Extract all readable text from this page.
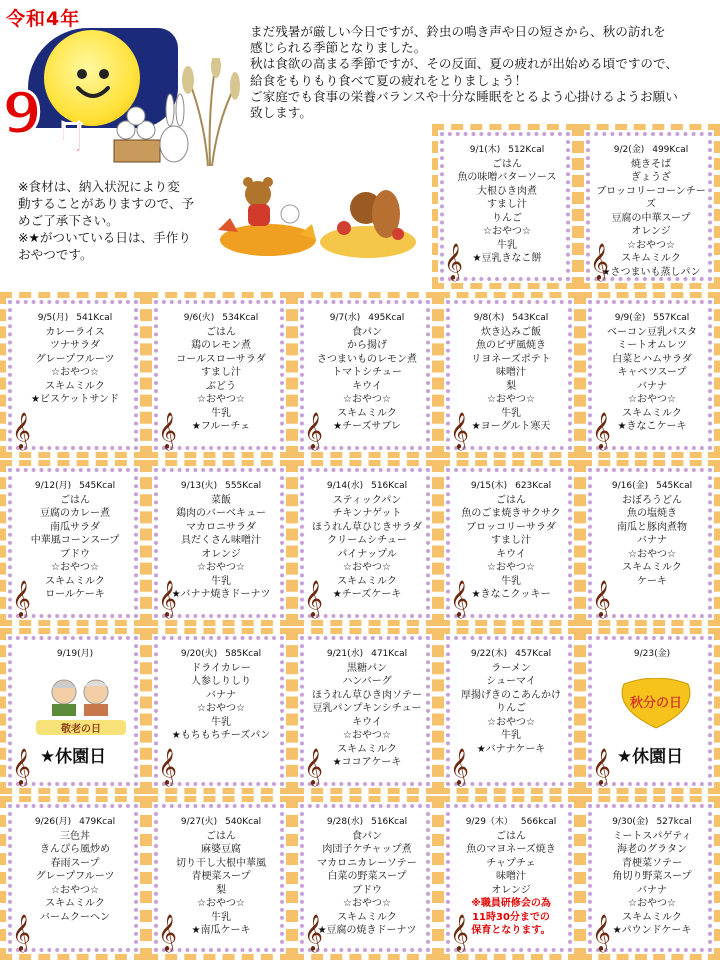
令和4年
9 月
まだ残暑が厳しい今日ですが、鈴虫の鳴き声や日の短さから、秋の訪れを
感じられる季節となりました。
秋は食欲の高まる季節ですが、その反面、夏の疲れが出始める頃ですので、
給食をもりもり食べて夏の疲れをとりましょう！
ご家庭でも食事の栄養バランスや十分な睡眠をとるよう心掛けるようお願い
致します。
※食材は、納入状況により変
動することがありますので、予
めご了承下さい。
※★がついている日は、手作り
おやつです。
9/1(木) 512Kcal
ごはん
魚の味噌バターソース
大根ひき肉煮
すまし汁
りんご
☆おやつ☆
牛乳
★豆乳きなこ餅
𝄞
9/2(金) 499Kcal
焼きそば
ぎょうざ
ブロッコリーコーンチーズ
豆腐の中華スープ
オレンジ
☆おやつ☆
スキムミルク
★さつまいも蒸しパン
𝄞
9/5(月) 541Kcal
カレーライス
ツナサラダ
グレープフルーツ
☆おやつ☆
スキムミルク
★ビスケットサンド
𝄞
9/6(火) 534Kcal
ごはん
鶏のレモン煮
コールスローサラダ
すまし汁
ぶどう
☆おやつ☆
牛乳
★フルーチェ
𝄞
9/7(水) 495Kcal
食パン
から揚げ
さつまいものレモン煮
トマトシチュー
キウイ
☆おやつ☆
スキムミルク
★チーズサブレ
𝄞
9/8(木) 543Kcal
炊き込みご飯
魚のピザ風焼き
リヨネーズポテト
味噌汁
梨
☆おやつ☆
牛乳
★ヨーグルト寒天
𝄞
9/9(金) 557Kcal
ベーコン豆乳パスタ
ミートオムレツ
白菜とハムサラダ
キャベツスープ
バナナ
☆おやつ☆
スキムミルク
★きなこケーキ
𝄞
9/12(月) 545Kcal
ごはん
豆腐のカレー煮
南瓜サラダ
中華風コーンスープ
ブドウ
☆おやつ☆
スキムミルク
ロールケーキ
𝄞
9/13(火) 555Kcal
菜飯
鶏肉のバーベキュー
マカロニサラダ
具だくさん味噌汁
オレンジ
☆おやつ☆
牛乳
★バナナ焼きドーナツ
𝄞
9/14(水) 516Kcal
スティックパン
チキンナゲット
ほうれん草ひじきサラダ
クリームシチュー
パイナップル
☆おやつ☆
スキムミルク
★チーズケーキ
𝄞
9/15(木) 623Kcal
ごはん
魚のごま焼きサクサク
ブロッコリーサラダ
すまし汁
キウイ
☆おやつ☆
牛乳
★きなこクッキー
𝄞
9/16(金) 545Kcal
おぼろうどん
魚の塩焼き
南瓜と豚肉煮物
バナナ
☆おやつ☆
スキムミルク
ケーキ
𝄞
9/19(月)
敬老の日
★休園日
𝄞
9/20(火) 585Kcal
ドライカレー
人参しりしり
バナナ
☆おやつ☆
牛乳
★もちもちチーズパン
𝄞
9/21(水) 471Kcal
黒糖パン
ハンバーグ
ほうれん草ひき肉ソテー
豆乳パンプキンシチュー
キウイ
☆おやつ☆
スキムミルク
★ココアケーキ
𝄞
9/22(木) 457Kcal
ラーメン
シューマイ
厚揚げきのこあんかけ
りんご
☆おやつ☆
牛乳
★バナナケーキ
𝄞
9/23(金)
秋分の日
★休園日
𝄞
9/26(月) 479Kcal
三色丼
きんぴら風炒め
春雨スープ
グレープフルーツ
☆おやつ☆
スキムミルク
バームクーヘン
𝄞
9/27(火) 540Kcal
ごはん
麻婆豆腐
切り干し大根中華風
青梗菜スープ
梨
☆おやつ☆
牛乳
★南瓜ケーキ
𝄞
9/28(水) 516Kcal
食パン
肉団子ケチャップ煮
マカロニカレーソテー
白菜の野菜スープ
ブドウ
☆おやつ☆
スキムミルク
★豆腐の焼きドーナツ
𝄞
9/29（木） 566kcal
ごはん
魚のマヨネーズ焼き
チャプチェ
味噌汁
オレンジ
※職員研修会の為
11時30分までの
保育となります。
𝄞
9/30(金) 527kcal
ミートスパゲティ
海老のグラタン
青梗菜ソテー
角切り野菜スープ
バナナ
☆おやつ☆
スキムミルク
★パウンドケーキ
𝄞
